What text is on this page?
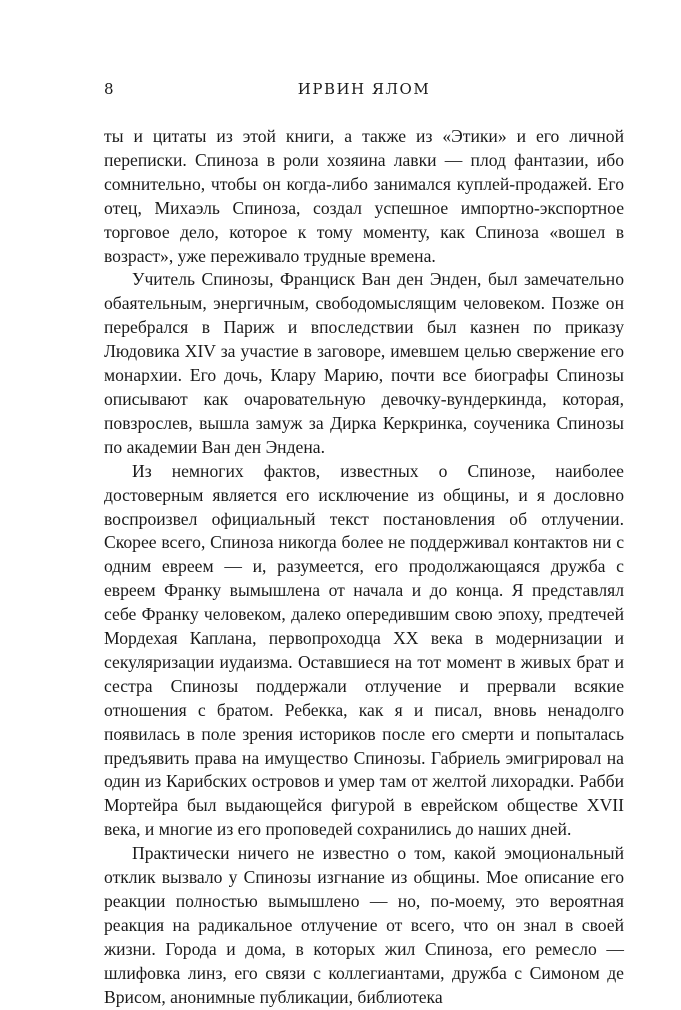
8	ИРВИН ЯЛОМ

ты и цитаты из этой книги, а также из «Этики» и его личной переписки. Спиноза в роли хозяина лавки — плод фантазии, ибо сомнительно, чтобы он когда-либо занимался куплей-продажей. Его отец, Михаэль Спиноза, создал успешное импортно-экспортное торговое дело, которое к тому моменту, как Спиноза «вошел в возраст», уже переживало трудные времена.

Учитель Спинозы, Франциск Ван ден Энден, был замечательно обаятельным, энергичным, свободомыслящим человеком. Позже он перебрался в Париж и впоследствии был казнен по приказу Людовика XIV за участие в заговоре, имевшем целью свержение его монархии. Его дочь, Клару Марию, почти все биографы Спинозы описывают как очаровательную девочку-вундеркинда, которая, повзрослев, вышла замуж за Дирка Керкринка, соученика Спинозы по академии Ван ден Эндена.

Из немногих фактов, известных о Спинозе, наиболее достоверным является его исключение из общины, и я дословно воспроизвел официальный текст постановления об отлучении. Скорее всего, Спиноза никогда более не поддерживал контактов ни с одним евреем — и, разумеется, его продолжающаяся дружба с евреем Франку вымышлена от начала и до конца. Я представлял себе Франку человеком, далеко опередившим свою эпоху, предтечей Мордехая Каплана, первопроходца XX века в модернизации и секуляризации иудаизма. Оставшиеся на тот момент в живых брат и сестра Спинозы поддержали отлучение и прервали всякие отношения с братом. Ребекка, как я и писал, вновь ненадолго появилась в поле зрения историков после его смерти и попыталась предъявить права на имущество Спинозы. Габриель эмигрировал на один из Карибских островов и умер там от желтой лихорадки. Рабби Мортейра был выдающейся фигурой в еврейском обществе XVII века, и многие из его проповедей сохранились до наших дней.

Практически ничего не известно о том, какой эмоциональный отклик вызвало у Спинозы изгнание из общины. Мое описание его реакции полностью вымышлено — но, по-моему, это вероятная реакция на радикальное отлучение от всего, что он знал в своей жизни. Города и дома, в которых жил Спиноза, его ремесло — шлифовка линз, его связи с коллегиантами, дружба с Симоном де Врисом, анонимные публикации, библиотека
